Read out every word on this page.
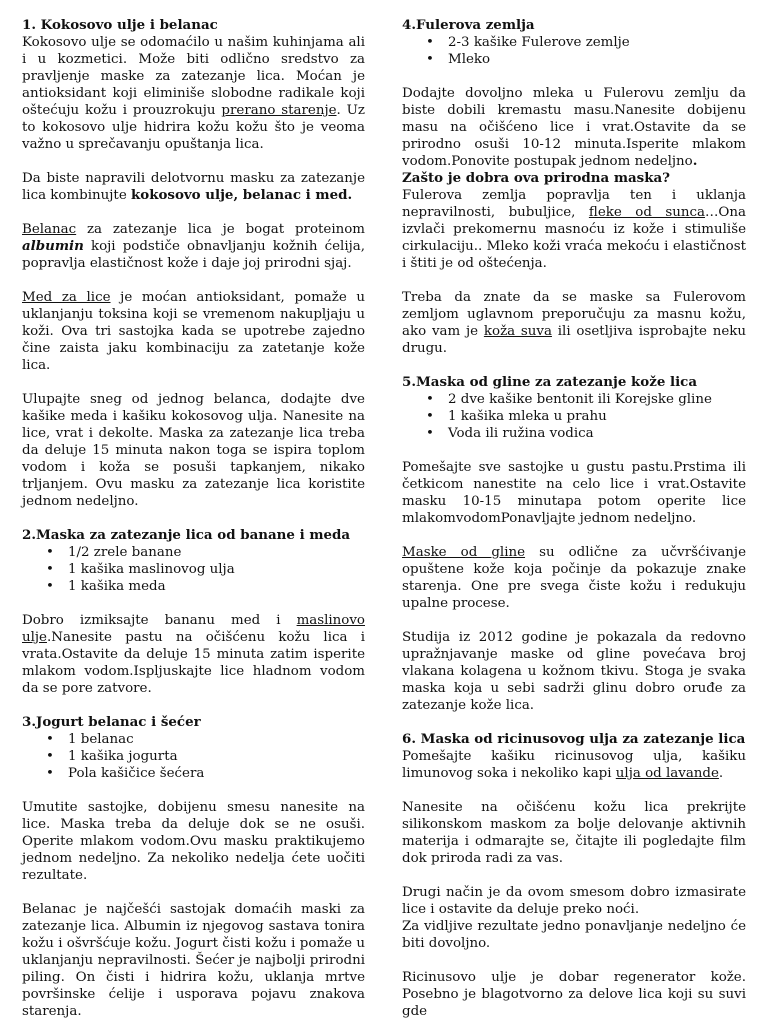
1. Kokosovo ulje i belanac

Kokosovo ulje se odomaćilo u našim kuhinjama ali i u kozmetici. Može biti odlično sredstvo za pravljenje maske za zatezanje lica. Moćan je antioksidant koji eliminiše slobodne radikale koji oštećuju kožu i prouzrokuju prerano starenje. Uz to kokosovo ulje hidrira kožu kožu što je veoma važno u sprečavanju opuštanja lica.

Da biste napravili delotvornu masku za zatezanje lica kombinujte kokosovo ulje, belanac i med.

Belanac za zatezanje lica je bogat proteinom albumin koji podstiče obnavljanju kožnih ćelija, popravlja elastičnost kože i daje joj prirodni sjaj.

Med za lice je moćan antioksidant, pomaže u uklanjanju toksina koji se vremenom nakupljaju u koži. Ova tri sastojka kada se upotrebe zajedno čine zaista jaku kombinaciju za zatetanje kože lica.

Ulupajte sneg od jednog belanca, dodajte dve kašike meda i kašiku kokosovog ulja. Nanesite na lice, vrat i dekolte. Maska za zatezanje lica treba da deluje 15 minuta nakon toga se ispira toplom vodom i koža se posuši tapkanjem, nikako trljanjem. Ovu masku za zatezanje lica koristite jednom nedeljno.

2.Maska za zatezanje lica od banane i meda
• 1/2 zrele banane
• 1 kašika maslinovog ulja
• 1 kašika meda

Dobro izmiksajte bananu med i maslinovo ulje.Nanesite pastu na očišćenu kožu lica i vrata.Ostavite da deluje 15 minuta zatim isperite mlakom vodom.Ispljuskajte lice hladnom vodom da se pore zatvore.

3.Jogurt belanac i šećer
• 1 belanac
• 1 kašika jogurta
• Pola kašičice šećera

Umutite sastojke, dobijenu smesu nanesite na lice. Maska treba da deluje dok se ne osuši. Operite mlakom vodom.Ovu masku praktikujemo jednom nedeljno. Za nekoliko nedelja ćete uočiti rezultate.

Belanac je najčešći sastojak domaćih maski za zatezanje lica. Albumin iz njegovog sastava tonira kožu i ošvršćuje kožu. Jogurt čisti kožu i pomaže u uklanjanju nepravilnosti. Šećer je najbolji prirodni piling. On čisti i hidrira kožu, uklanja mrtve površinske ćelije i usporava pojavu znakova starenja.

4.Fulerova zemlja
• 2-3 kašike Fulerove zemlje
• Mleko

Dodajte dovoljno mleka u Fulerovu zemlju da biste dobili kremastu masu.Nanesite dobijenu masu na očišćeno lice i vrat.Ostavite da se prirodno osuši 10-12 minuta.Isperite mlakom vodom.Ponovite postupak jednom nedeljno.

Zašto je dobra ova prirodna maska?

Fulerova zemlja popravlja ten i uklanja nepravilnosti, bubuljice, fleke od sunca…Ona izvlači prekomernu masnoću iz kože i stimuliše cirkulaciju.. Mleko koži vraća mekoću i elastičnost i štiti je od oštećenja.

Treba da znate da se maske sa Fulerovom zemljom uglavnom preporučuju za masnu kožu, ako vam je koža suva ili osetljiva isprobajte neku drugu.

5.Maska od gline za zatezanje kože lica
• 2 dve kašike bentonit ili Korejske gline
• 1 kašika mleka u prahu
• Voda ili ružina vodica

Pomešajte sve sastojke u gustu pastu.Prstima ili četkicom nanestite na celo lice i vrat.Ostavite masku 10-15 minutapa potom operite lice mlakomvodomPonavljajte jednom nedeljno.

Maske od gline su odlične za učvršćivanje opuštene kože koja počinje da pokazuje znake starenja. One pre svega čiste kožu i redukuju upalne procese.

Studija iz 2012 godine je pokazala da redovno upražnjavanje maske od gline povećava broj vlakana kolagena u kožnom tkivu. Stoga je svaka maska koja u sebi sadrži glinu dobro oruđe za zatezanje kože lica.

6. Maska od ricinusovog ulja za zatezanje lica

Pomešajte kašiku ricinusovog ulja, kašiku limunovog soka i nekoliko kapi ulja od lavande.

Nanesite na očišćenu kožu lica prekrijte silikonskom maskom za bolje delovanje aktivnih materija i odmarajte se, čitajte ili pogledajte film dok priroda radi za vas.

Drugi način je da ovom smesom dobro izmasirate lice i ostavite da deluje preko noći.

Za vidljive rezultate jedno ponavljanje nedeljno će biti dovoljno.

Ricinusovo ulje je dobar regenerator kože. Posebno je blagotvorno za delove lica koji su suvi gde
